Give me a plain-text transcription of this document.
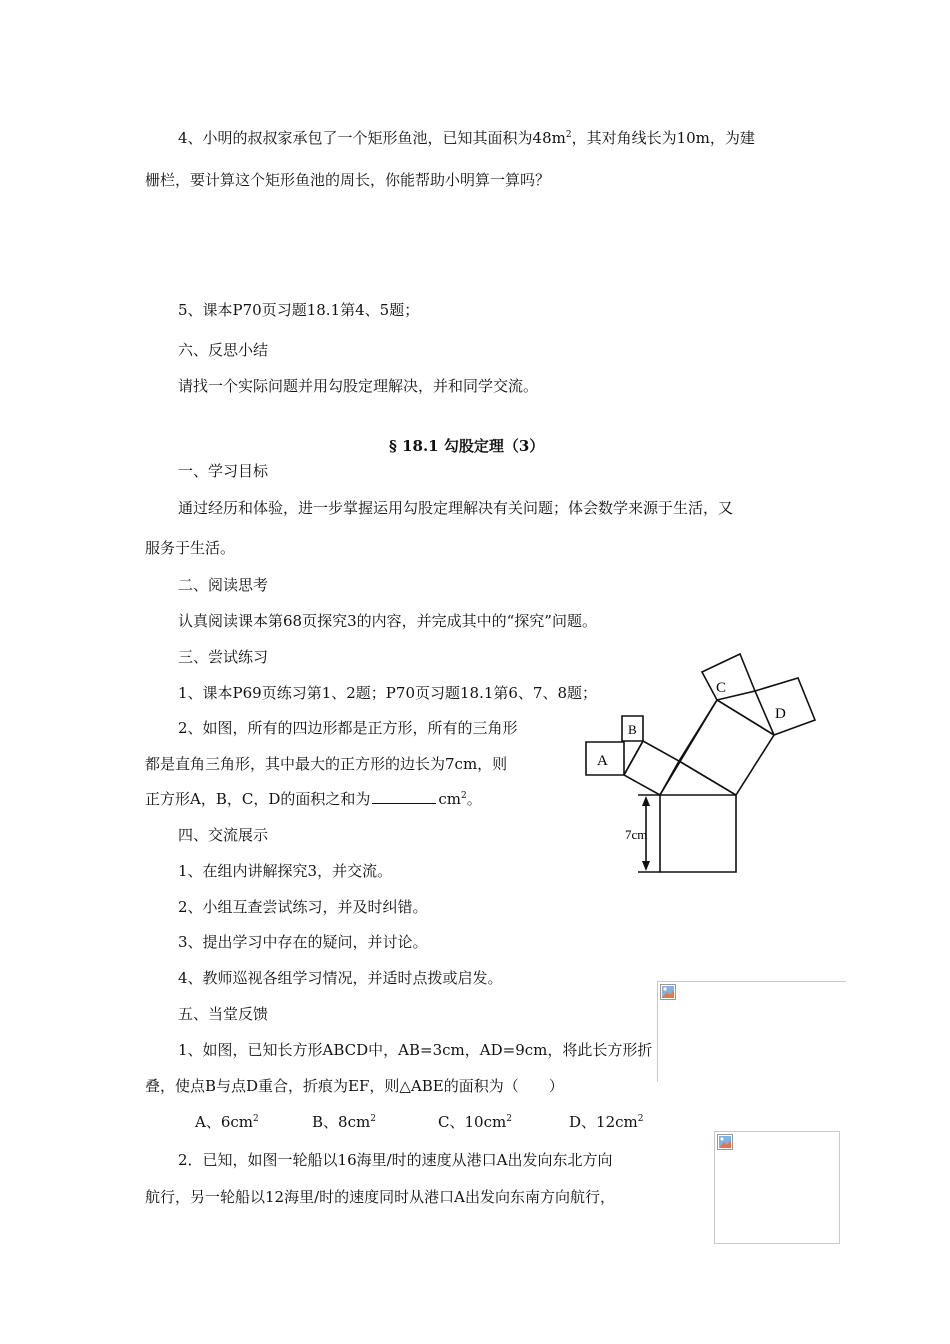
4、小明的叔叔家承包了一个矩形鱼池，已知其面积为$48m^2$，其对角线长为10m，为建
栅栏，要计算这个矩形鱼池的周长，你能帮助小明算一算吗？
5、课本P70页习题18.1第4、5题；
六、反思小结
请找一个实际问题并用勾股定理解决，并和同学交流。
§ 18.1 勾股定理（3）
一、学习目标
通过经历和体验，进一步掌握运用勾股定理解决有关问题；体会数学来源于生活，又
服务于生活。
二、阅读思考
认真阅读课本第68页探究3的内容，并完成其中的“探究”问题。
三、尝试练习
1、课本P69页练习第1、2题；P70页习题18.1第6、7、8题；
2、如图，所有的四边形都是正方形，所有的三角形
都是直角三角形，其中最大的正方形的边长为7cm，则
正方形A，B，C，D的面积之和为	$cm^2$。
A
B
C
D
7cm
四、交流展示
1、在组内讲解探究3，并交流。
2、小组互查尝试练习，并及时纠错。
3、提出学习中存在的疑问，并讨论。
4、教师巡视各组学习情况，并适时点拨或启发。
五、当堂反馈
1、如图，已知长方形ABCD中，AB=3cm，AD=9cm，将此长方形折
叠，使点B与点D重合，折痕为EF，则△ABE的面积为（　　）
A、$6cm^2$	B、$8cm^2$	C、$10cm^2$	D、$12cm^2$
2．已知，如图一轮船以16海里/时的速度从港口A出发向东北方向
航行，另一轮船以12海里/时的速度同时从港口A出发向东南方向航行，
